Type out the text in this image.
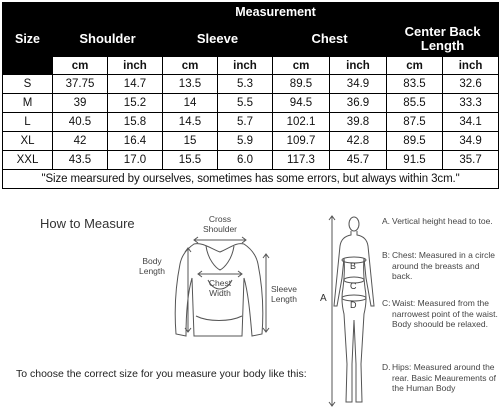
Size	Measurement							
	Shoulder		Sleeve		Chest		Center Back
Length	
	cm	inch	cm	inch	cm	inch	cm	inch
S	37.75	14.7	13.5	5.3	89.5	34.9	83.5	32.6
M	39	15.2	14	5.5	94.5	36.9	85.5	33.3
L	40.5	15.8	14.5	5.7	102.1	39.8	87.5	34.1
XL	42	16.4	15	5.9	109.7	42.8	89.5	34.9
XXL	43.5	17.0	15.5	6.0	117.3	45.7	91.5	35.7
"Size mearsured by ourselves, sometimes has some errors, but always within 3cm."								
How to Measure	Cross
Shoulder
Body
Length
Chest
Width	Sleeve
Length
To choose the correct size for you measure your body like this:
A
B
C
D
A. Vertical height head to toe.
B: Chest: Measured in a circle around the breasts and back.
C: Waist: Measured from the narrowest point of the waist. Body shoould be relaxed.
D. Hips: Measured around the rear. Basic Meaurements of the Human Body
